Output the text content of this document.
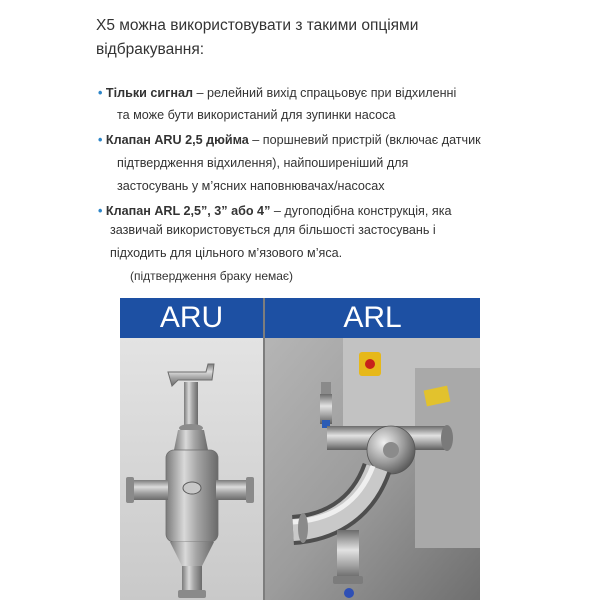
X5 можна використовувати з такими опціями
відбракування:
• Тільки сигнал – релейний вихід спрацьовує при відхиленні
та може бути використаний для зупинки насоса
• Клапан ARU 2,5 дюйма – поршневий пристрій (включає датчик
підтвердження відхилення), найпоширеніший для
застосувань у м’ясних наповнювачах/насосах
• Клапан ARL 2,5”, 3” або 4” – дугоподібна конструкція, яка
зазвичай використовується для більшості застосувань і
підходить для цільного м’язового м’яса.
(підтвердження браку немає)
ARU	ARL
